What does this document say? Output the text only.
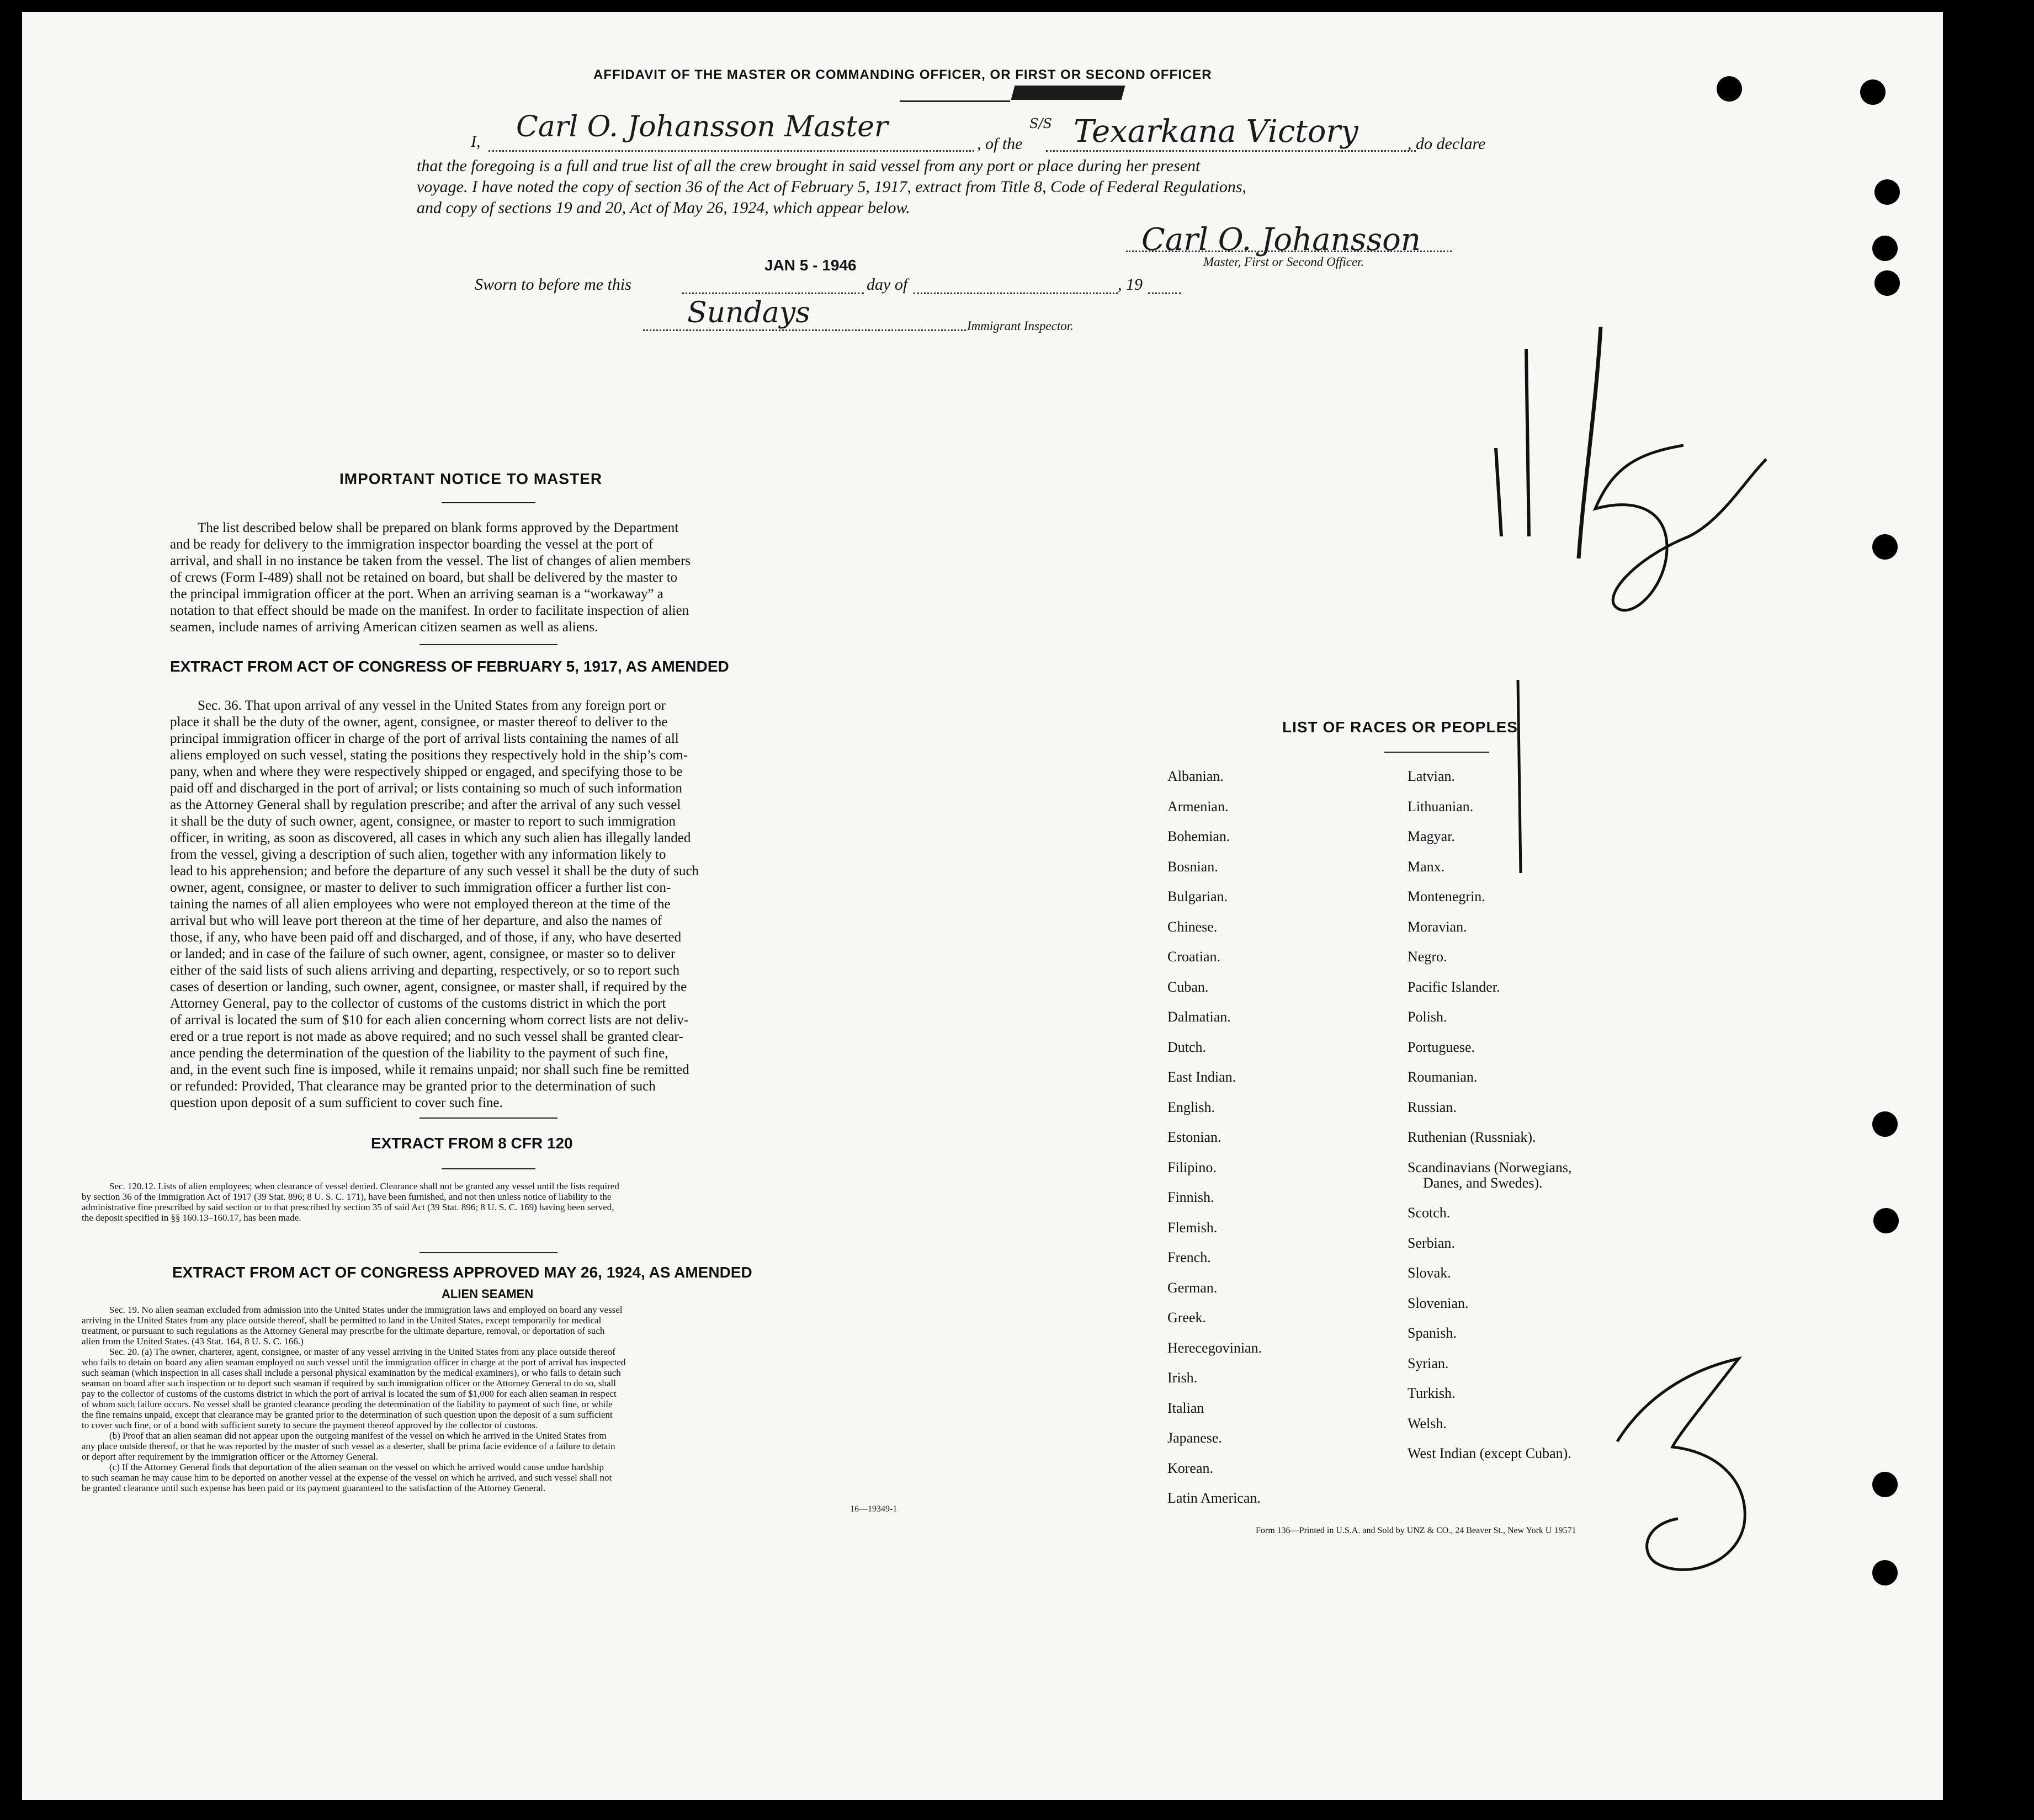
AFFIDAVIT OF THE MASTER OR COMMANDING OFFICER, OR FIRST OR SECOND OFFICER
I, Carl O. Johansson Master
, of the
S/S Texarkana Victory	, do declare
that the foregoing is a full and true list of all the crew brought in said vessel from any port or place during her present
voyage. I have noted the copy of section 36 of the Act of February 5, 1917, extract from Title 8, Code of Federal Regulations,
and copy of sections 19 and 20, Act of May 26, 1924, which appear below.
Carl O. Johansson
Master, First or Second Officer.
Sworn to before me this
JAN 5 - 1946
day of	, 19
Sundays	Immigrant Inspector.
IMPORTANT NOTICE TO MASTER
The list described below shall be prepared on blank forms approved by the Department
and be ready for delivery to the immigration inspector boarding the vessel at the port of
arrival, and shall in no instance be taken from the vessel. The list of changes of alien members
of crews (Form I-489) shall not be retained on board, but shall be delivered by the master to
the principal immigration officer at the port. When an arriving seaman is a “workaway” a
notation to that effect should be made on the manifest. In order to facilitate inspection of alien
seamen, include names of arriving American citizen seamen as well as aliens.
EXTRACT FROM ACT OF CONGRESS OF FEBRUARY 5, 1917, AS AMENDED
Sec. 36. That upon arrival of any vessel in the United States from any foreign port or
place it shall be the duty of the owner, agent, consignee, or master thereof to deliver to the
principal immigration officer in charge of the port of arrival lists containing the names of all
aliens employed on such vessel, stating the positions they respectively hold in the ship’s com-
pany, when and where they were respectively shipped or engaged, and specifying those to be
paid off and discharged in the port of arrival; or lists containing so much of such information
as the Attorney General shall by regulation prescribe; and after the arrival of any such vessel
it shall be the duty of such owner, agent, consignee, or master to report to such immigration
officer, in writing, as soon as discovered, all cases in which any such alien has illegally landed
from the vessel, giving a description of such alien, together with any information likely to
lead to his apprehension; and before the departure of any such vessel it shall be the duty of such
owner, agent, consignee, or master to deliver to such immigration officer a further list con-
taining the names of all alien employees who were not employed thereon at the time of the
arrival but who will leave port thereon at the time of her departure, and also the names of
those, if any, who have been paid off and discharged, and of those, if any, who have deserted
or landed; and in case of the failure of such owner, agent, consignee, or master so to deliver
either of the said lists of such aliens arriving and departing, respectively, or so to report such
cases of desertion or landing, such owner, agent, consignee, or master shall, if required by the
Attorney General, pay to the collector of customs of the customs district in which the port
of arrival is located the sum of $10 for each alien concerning whom correct lists are not deliv-
ered or a true report is not made as above required; and no such vessel shall be granted clear-
ance pending the determination of the question of the liability to the payment of such fine,
and, in the event such fine is imposed, while it remains unpaid; nor shall such fine be remitted
or refunded: Provided, That clearance may be granted prior to the determination of such
question upon deposit of a sum sufficient to cover such fine.
EXTRACT FROM 8 CFR 120
Sec. 120.12. Lists of alien employees; when clearance of vessel denied. Clearance shall not be granted any vessel until the lists required
by section 36 of the Immigration Act of 1917 (39 Stat. 896; 8 U. S. C. 171), have been furnished, and not then unless notice of liability to the
administrative fine prescribed by said section or to that prescribed by section 35 of said Act (39 Stat. 896; 8 U. S. C. 169) having been served,
the deposit specified in §§ 160.13–160.17, has been made.
EXTRACT FROM ACT OF CONGRESS APPROVED MAY 26, 1924, AS AMENDED
ALIEN SEAMEN
Sec. 19. No alien seaman excluded from admission into the United States under the immigration laws and employed on board any vessel
arriving in the United States from any place outside thereof, shall be permitted to land in the United States, except temporarily for medical
treatment, or pursuant to such regulations as the Attorney General may prescribe for the ultimate departure, removal, or deportation of such
alien from the United States. (43 Stat. 164, 8 U. S. C. 166.)
Sec. 20. (a) The owner, charterer, agent, consignee, or master of any vessel arriving in the United States from any place outside thereof
who fails to detain on board any alien seaman employed on such vessel until the immigration officer in charge at the port of arrival has inspected
such seaman (which inspection in all cases shall include a personal physical examination by the medical examiners), or who fails to detain such
seaman on board after such inspection or to deport such seaman if required by such immigration officer or the Attorney General to do so, shall
pay to the collector of customs of the customs district in which the port of arrival is located the sum of $1,000 for each alien seaman in respect
of whom such failure occurs. No vessel shall be granted clearance pending the determination of the liability to payment of such fine, or while
the fine remains unpaid, except that clearance may be granted prior to the determination of such question upon the deposit of a sum sufficient
to cover such fine, or of a bond with sufficient surety to secure the payment thereof approved by the collector of customs.
(b) Proof that an alien seaman did not appear upon the outgoing manifest of the vessel on which he arrived in the United States from
any place outside thereof, or that he was reported by the master of such vessel as a deserter, shall be prima facie evidence of a failure to detain
or deport after requirement by the immigration officer or the Attorney General.
(c) If the Attorney General finds that deportation of the alien seaman on the vessel on which he arrived would cause undue hardship
to such seaman he may cause him to be deported on another vessel at the expense of the vessel on which he arrived, and such vessel shall not
be granted clearance until such expense has been paid or its payment guaranteed to the satisfaction of the Attorney General.
16—19349-1
LIST OF RACES OR PEOPLES
Albanian.
Armenian.
Bohemian.
Bosnian.
Bulgarian.
Chinese.
Croatian.
Cuban.
Dalmatian.
Dutch.
East Indian.
English.
Estonian.
Filipino.
Finnish.
Flemish.
French.
German.
Greek.
Herecegovinian.
Irish.
Italian
Japanese.
Korean.
Latin American.
Latvian.
Lithuanian.
Magyar.
Manx.
Montenegrin.
Moravian.
Negro.
Pacific Islander.
Polish.
Portuguese.
Roumanian.
Russian.
Ruthenian (Russniak).
Scandinavians (Norwegians,
Danes, and Swedes).
Scotch.
Serbian.
Slovak.
Slovenian.
Spanish.
Syrian.
Turkish.
Welsh.
West Indian (except Cuban).
Form 136—Printed in U.S.A. and Sold by UNZ & CO., 24 Beaver St., New York U 19571
